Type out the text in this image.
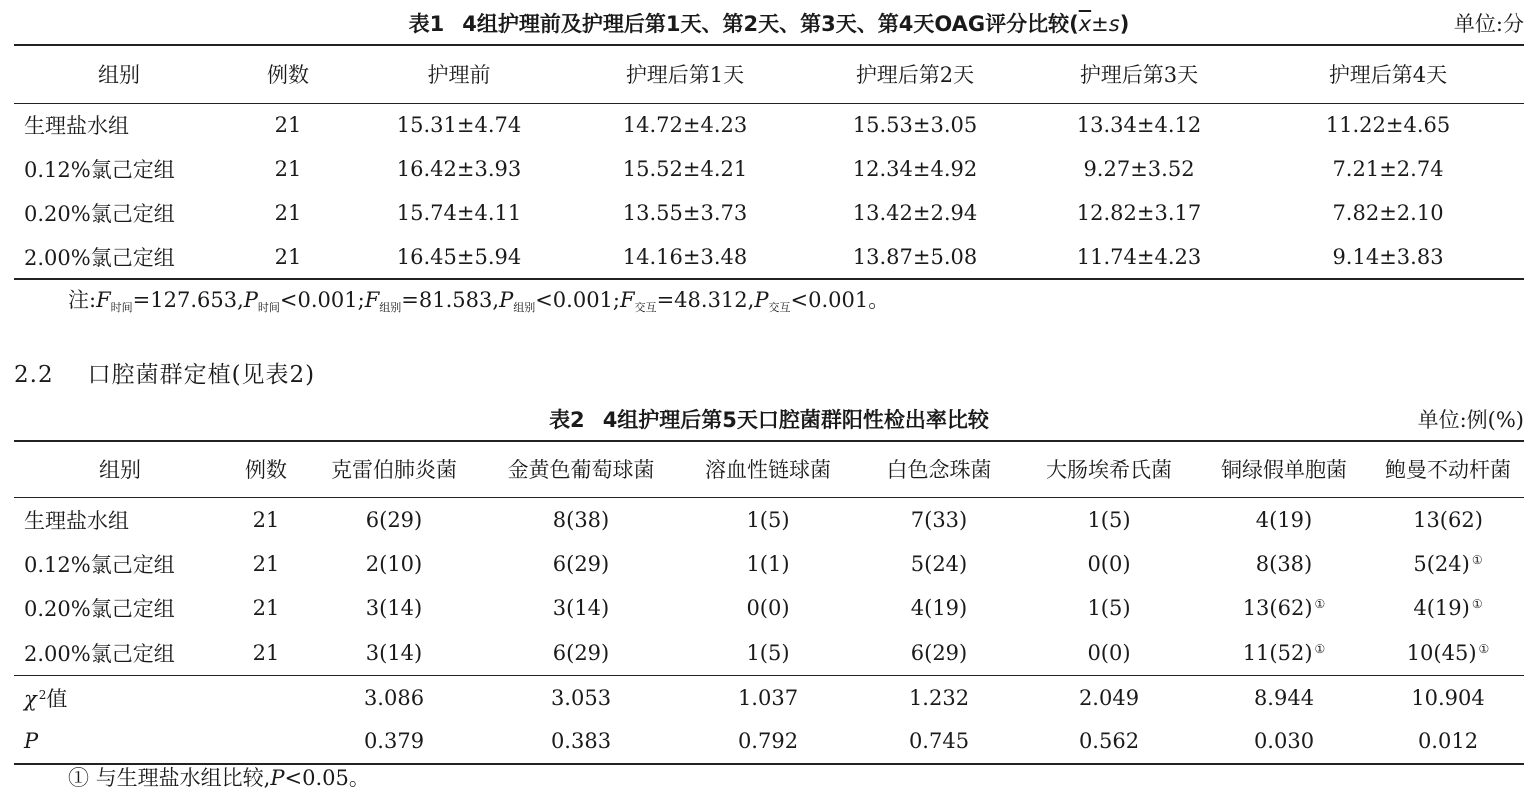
表1 4组护理前及护理后第1天、第2天、第3天、第4天OAG评分比较$(\overline{x}\pm s)$	单位:分
组别	例数	护理前	护理后第1天	护理后第2天	护理后第3天	护理后第4天
生理盐水组	21	15.31±4.74	14.72±4.23	15.53±3.05	13.34±4.12	11.22±4.65
0.12%氯己定组	21	16.42±3.93	15.52±4.21	12.34±4.92	9.27±3.52	7.21±2.74
0.20%氯己定组	21	15.74±4.11	13.55±3.73	13.42±2.94	12.82±3.17	7.82±2.10
2.00%氯己定组	21	16.45±5.94	14.16±3.48	13.87±5.08	11.74±4.23	9.14±3.83
注$:F_{时间}=127.653,P_{时间}<0.001;F_{组别}=81.583,P_{组别}<0.001;F_{交互}=48.312,P_{交互}<0.001$。
2.2 口腔菌群定植(见表2)
表2 4组护理后第5天口腔菌群阳性检出率比较	单位:例(%)
组别	例数	克雷伯肺炎菌	金黄色葡萄球菌	溶血性链球菌	白色念珠菌	大肠埃希氏菌	铜绿假单胞菌	鲍曼不动杆菌
生理盐水组	21	6(29)	8(38)	1(5)	7(33)	1(5)	4(19)	13(62)
0.12%氯己定组	21	2(10)	6(29)	1(1)	5(24)	0(0)	8(38)	5(24) ①
0.20%氯己定组	21	3(14)	3(14)	0(0)	4(19)	1(5)	13(62) ①	4(19) ①
2.00%氯己定组	21	3(14)	6(29)	1(5)	6(29)	0(0)	11(52) ①	10(45) ①
χ $^2$值		3.086	3.053	1.037	1.232	2.049	8.944	10.904
P		0.379	0.383	0.792	0.745	0.562	0.030	0.012
① 与生理盐水组比较,P<0.05。
